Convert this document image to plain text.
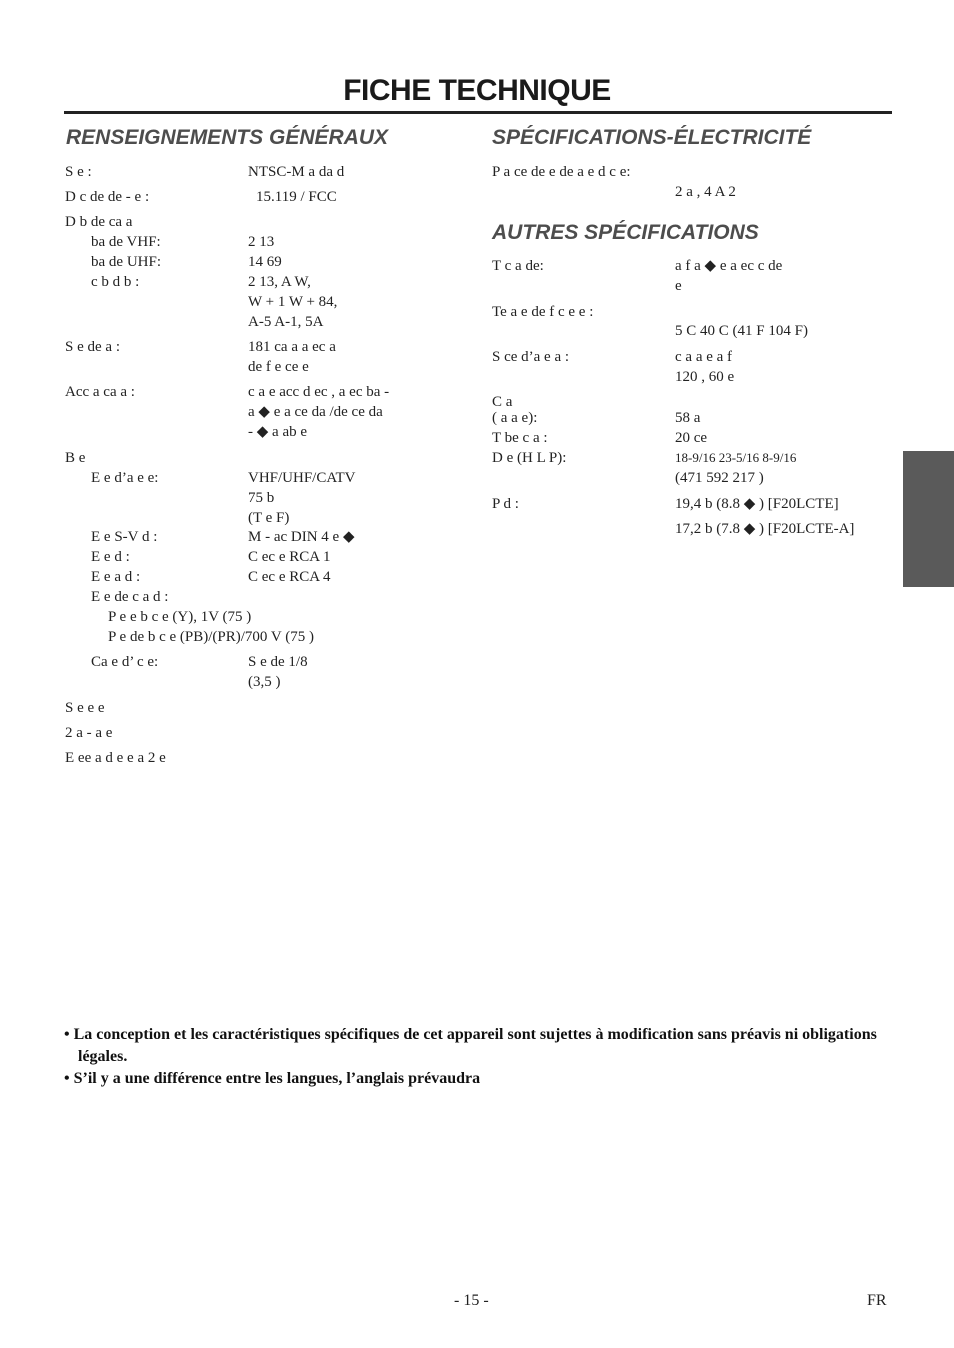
FICHE TECHNIQUE
RENSEIGNEMENTS GÉNÉRAUX
S e :	NTSC-M a da d
D c de de - e :	15.119 / FCC
D b de ca a
ba de VHF:	2 13
ba de UHF:	14 69
c b d b :	2 13, A W,
W + 1 W + 84,
A-5 A-1, 5A
S e de a :	181 ca a a ec a
de f e ce e
Acc a ca a :	c a e acc d ec , a ec ba -
a ◆ e a ce da /de ce da
- ◆ a ab e
B e
E e d’a e e:	VHF/UHF/CATV
75 b
(T e F)
E e S-V d :	M - ac DIN 4 e ◆
E e d :	C ec e RCA 1
E e a d :	C ec e RCA 4
E e de c a d :
P e e b c e (Y), 1V (75 )
P e de b c e (PB)/(PR)/700 V (75 )
Ca e d’ c e:	S e de 1/8
(3,5 )
S e e e
2 a - a e
E ee a d e e a 2 e
SPÉCIFICATIONS-ÉLECTRICITÉ
P a ce de e de a e d c e:
2 a , 4 A 2
AUTRES SPÉCIFICATIONS
T c a de:	a f a ◆ e a ec c de
e
Te a e de f c e e :
5 C 40 C (41 F 104 F)
S ce d’a e a :	c a a e a f
120 , 60 e
C a
( a a e):	58 a
T be c a :	20 ce
D e (H L P):	18-9/16 23-5/16 8-9/16
(471 592 217 )
P d :	19,4 b (8.8 ◆ ) [F20LCTE]
17,2 b (7.8 ◆ ) [F20LCTE-A]

• La conception et les caractéristiques spécifiques de cet appareil sont sujettes à modification sans préavis ni obligations légales.

• S’il y a une différence entre les langues, l’anglais prévaudra

- 15 -	FR
